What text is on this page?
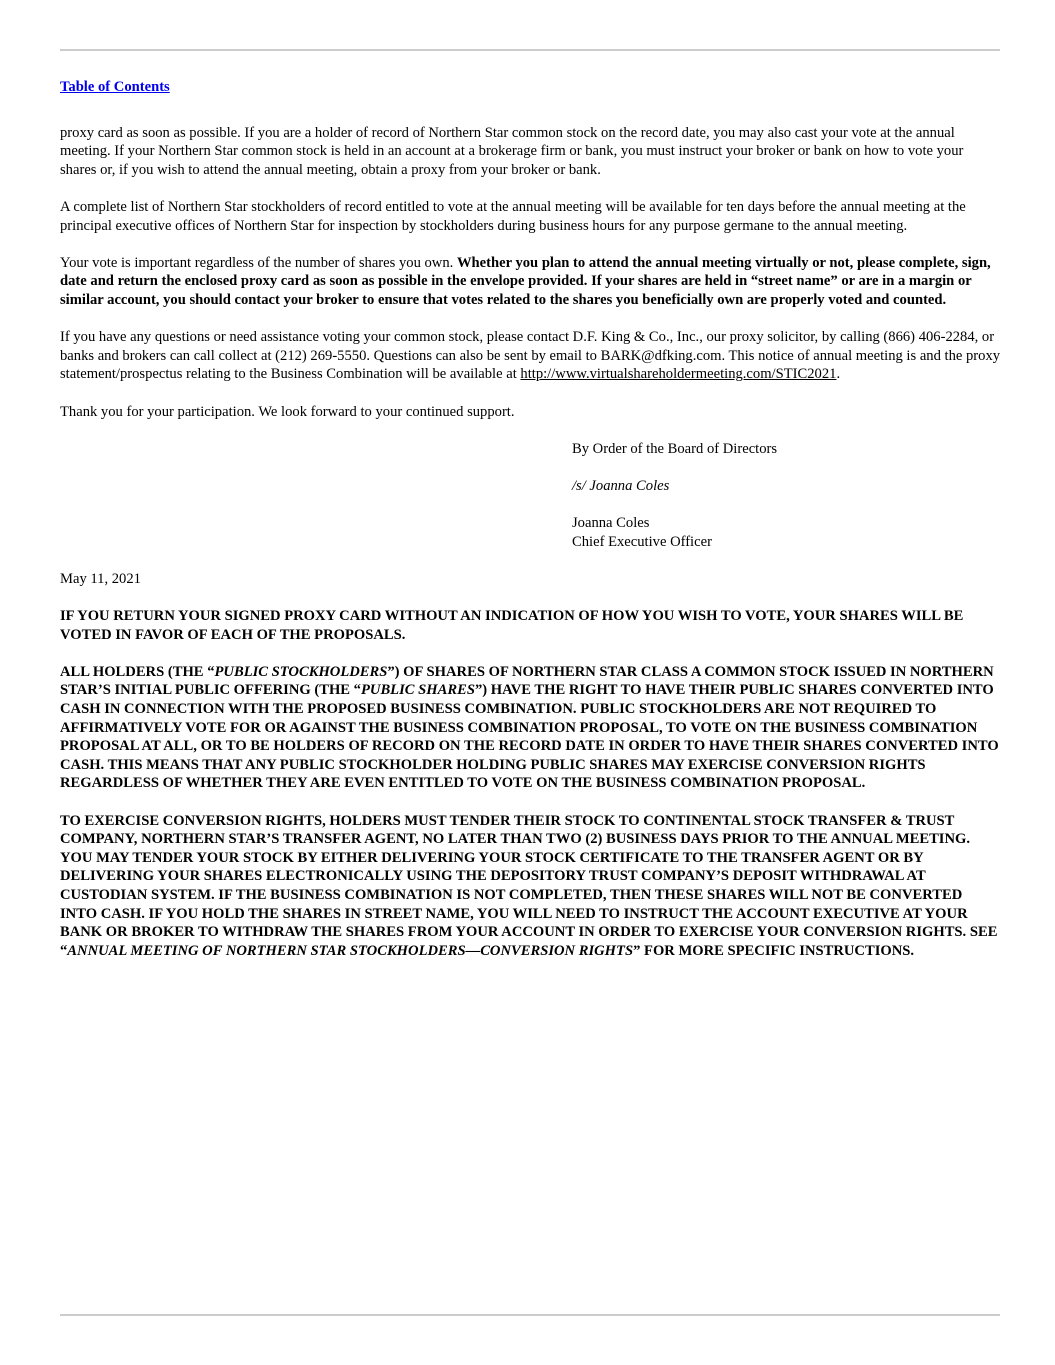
Table of Contents

proxy card as soon as possible. If you are a holder of record of Northern Star common stock on the record date, you may also cast your vote at the annual meeting. If your Northern Star common stock is held in an account at a brokerage firm or bank, you must instruct your broker or bank on how to vote your shares or, if you wish to attend the annual meeting, obtain a proxy from your broker or bank.

A complete list of Northern Star stockholders of record entitled to vote at the annual meeting will be available for ten days before the annual meeting at the principal executive offices of Northern Star for inspection by stockholders during business hours for any purpose germane to the annual meeting.

Your vote is important regardless of the number of shares you own. Whether you plan to attend the annual meeting virtually or not, please complete, sign, date and return the enclosed proxy card as soon as possible in the envelope provided. If your shares are held in “street name” or are in a margin or similar account, you should contact your broker to ensure that votes related to the shares you beneficially own are properly voted and counted.

If you have any questions or need assistance voting your common stock, please contact D.F. King & Co., Inc., our proxy solicitor, by calling (866) 406-2284, or banks and brokers can call collect at (212) 269-5550. Questions can also be sent by email to BARK@dfking.com. This notice of annual meeting is and the proxy statement/prospectus relating to the Business Combination will be available at http://www.virtualshareholdermeeting.com/STIC2021.

Thank you for your participation. We look forward to your continued support.

By Order of the Board of Directors

/s/ Joanna Coles

Joanna Coles
Chief Executive Officer

May 11, 2021

IF YOU RETURN YOUR SIGNED PROXY CARD WITHOUT AN INDICATION OF HOW YOU WISH TO VOTE, YOUR SHARES WILL BE VOTED IN FAVOR OF EACH OF THE PROPOSALS.

ALL HOLDERS (THE “PUBLIC STOCKHOLDERS”) OF SHARES OF NORTHERN STAR CLASS A COMMON STOCK ISSUED IN NORTHERN STAR’S INITIAL PUBLIC OFFERING (THE “PUBLIC SHARES”) HAVE THE RIGHT TO HAVE THEIR PUBLIC SHARES CONVERTED INTO CASH IN CONNECTION WITH THE PROPOSED BUSINESS COMBINATION. PUBLIC STOCKHOLDERS ARE NOT REQUIRED TO AFFIRMATIVELY VOTE FOR OR AGAINST THE BUSINESS COMBINATION PROPOSAL, TO VOTE ON THE BUSINESS COMBINATION PROPOSAL AT ALL, OR TO BE HOLDERS OF RECORD ON THE RECORD DATE IN ORDER TO HAVE THEIR SHARES CONVERTED INTO CASH. THIS MEANS THAT ANY PUBLIC STOCKHOLDER HOLDING PUBLIC SHARES MAY EXERCISE CONVERSION RIGHTS REGARDLESS OF WHETHER THEY ARE EVEN ENTITLED TO VOTE ON THE BUSINESS COMBINATION PROPOSAL.

TO EXERCISE CONVERSION RIGHTS, HOLDERS MUST TENDER THEIR STOCK TO CONTINENTAL STOCK TRANSFER & TRUST COMPANY, NORTHERN STAR’S TRANSFER AGENT, NO LATER THAN TWO (2) BUSINESS DAYS PRIOR TO THE ANNUAL MEETING. YOU MAY TENDER YOUR STOCK BY EITHER DELIVERING YOUR STOCK CERTIFICATE TO THE TRANSFER AGENT OR BY DELIVERING YOUR SHARES ELECTRONICALLY USING THE DEPOSITORY TRUST COMPANY’S DEPOSIT WITHDRAWAL AT CUSTODIAN SYSTEM. IF THE BUSINESS COMBINATION IS NOT COMPLETED, THEN THESE SHARES WILL NOT BE CONVERTED INTO CASH. IF YOU HOLD THE SHARES IN STREET NAME, YOU WILL NEED TO INSTRUCT THE ACCOUNT EXECUTIVE AT YOUR BANK OR BROKER TO WITHDRAW THE SHARES FROM YOUR ACCOUNT IN ORDER TO EXERCISE YOUR CONVERSION RIGHTS. SEE “ANNUAL MEETING OF NORTHERN STAR STOCKHOLDERS—CONVERSION RIGHTS” FOR MORE SPECIFIC INSTRUCTIONS.
